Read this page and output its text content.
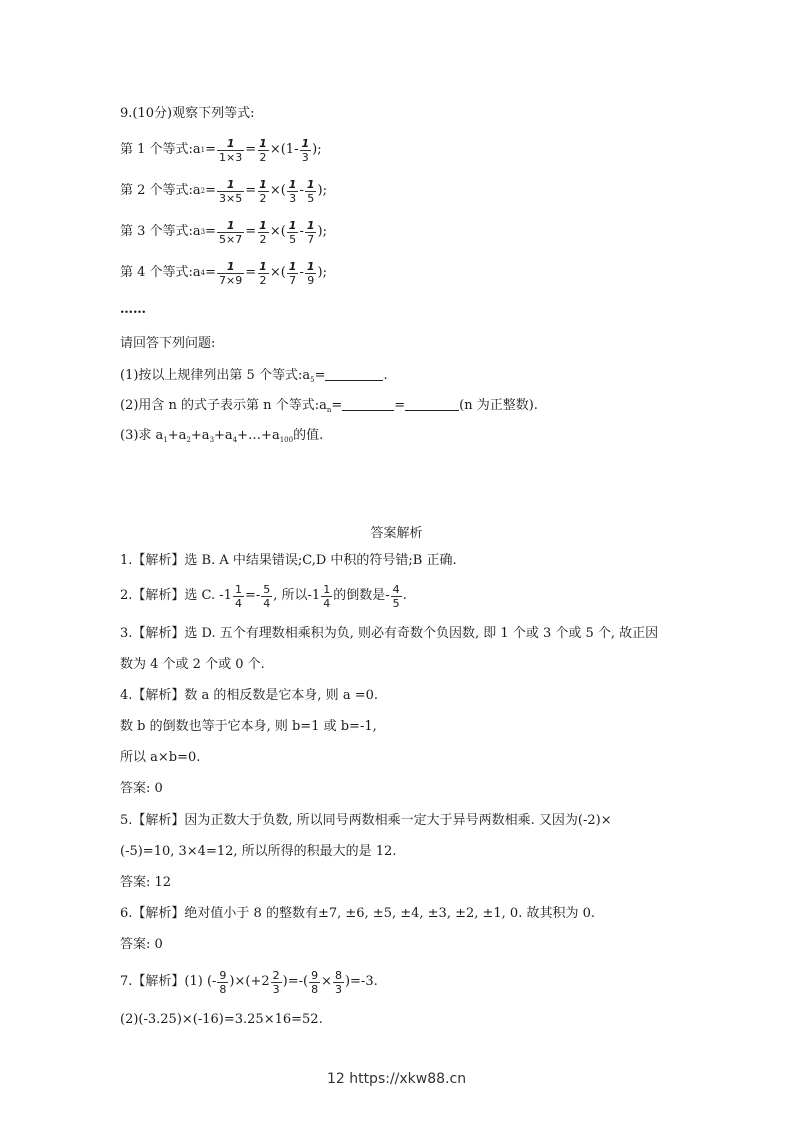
9.(10分)观察下列等式:
第 1 个等式:a $1 = \frac{1}{1\times 3} = \frac{1}{2} \times(1- \frac{1}{3}$ );
第 2 个等式:a $2 = \frac{1}{3\times 5} = \frac{1}{2}$ ×( $\frac{1}{3} - \frac{1}{5}$ );
第 3 个等式:a $3 = \frac{1}{5\times 7} = \frac{1}{2}$ ×( $\frac{1}{5} - \frac{1}{7}$ );
第 4 个等式:a $4 = \frac{1}{7\times 9} = \frac{1}{2}$ ×( $\frac{1}{7} - \frac{1}{9}$ );
……
请回答下列问题:
(1)按以上规律列出第 5 个等式$:a_5=$	.
(2)用含 n 的式子表示第 n 个等式$:a_n=$	=	(n 为正整数).
(3)求 $a_1+a_2+a_3+a_4+\dots+a_{100}$的值.
答案解析
1.【解析】选 B. A 中结果错误;C,D 中积的符号错;B 正确.
2.【解析】选 C. $-1 \frac{1}{4} =- \frac{5}{4}$ , 所以$-1 \frac{1}{4}$ 的倒数是- $\frac{4}{5}$ .
3.【解析】选 D. 五个有理数相乘积为负, 则必有奇数个负因数, 即 1 个或 3 个或 5 个, 故正因
数为 4 个或 2 个或 0 个.
4.【解析】数 a 的相反数是它本身, 则 a =0.
数 b 的倒数也等于它本身, 则 b=1 或 b=-1,
所以 a×b=0.
答案: 0
5.【解析】因为正数大于负数, 所以同号两数相乘一定大于异号两数相乘. 又因为(-2)×
(-5)=10, 3×4=12, 所以所得的积最大的是 12.
答案: 12
6.【解析】绝对值小于 8 的整数有±7, ±6, ±5, ±4, ±3, ±2, ±1, 0. 故其积为 0.
答案: 0
7.【解析】(1) (- $\frac{9}{8} )\times(+2 \frac{2}{3}$ )=-( $\frac{9}{8} \times \frac{8}{3} )=-3$.
(2)(-3.25)×(-16)=3.25×16=52.
12 https://xkw88.cn
